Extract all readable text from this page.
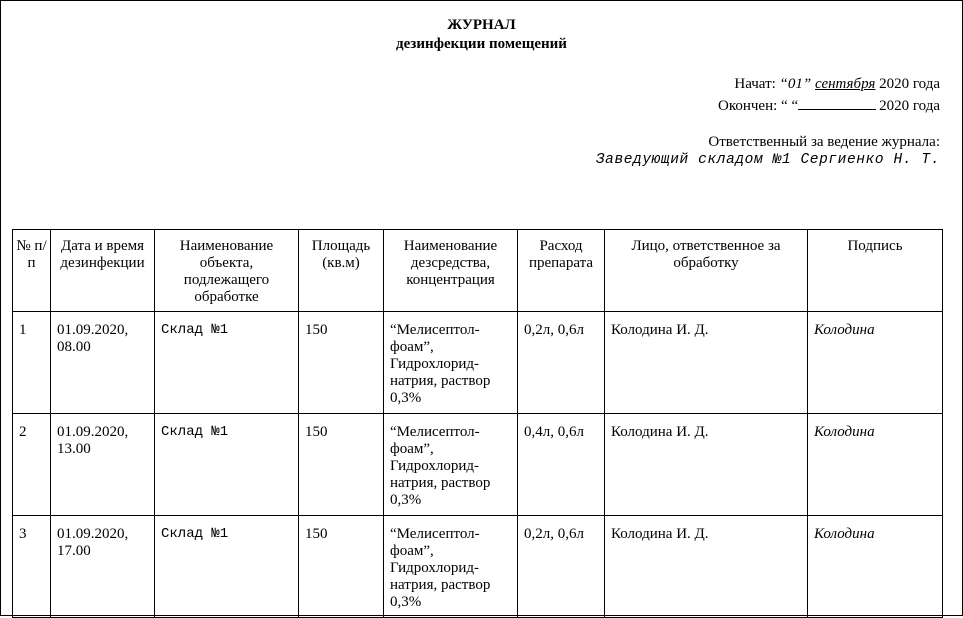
ЖУРНАЛ
дезинфекции помещений
Начат: “01” сентября 2020 года
Окончен: “ “	2020 года
Ответственный за ведение журнала:
Заведующий складом №1 Сергиенко Н. Т.
№ п/п	Дата и время дезинфекции	Наименование объекта, подлежащего обработке	Площадь (кв.м)	Наименование дезсредства, концентрация	Расход препарата	Лицо, ответственное за обработку	Подпись
1	01.09.2020, 08.00	Склад №1	150	“Мелисептол-фоам”, Гидрохлорид-натрия, раствор 0,3%	0,2л, 0,6л	Колодина И. Д.	Колодина
2	01.09.2020, 13.00	Склад №1	150	“Мелисептол-фоам”, Гидрохлорид-натрия, раствор 0,3%	0,4л, 0,6л	Колодина И. Д.	Колодина
3	01.09.2020, 17.00	Склад №1	150	“Мелисептол-фоам”, Гидрохлорид-натрия, раствор 0,3%	0,2л, 0,6л	Колодина И. Д.	Колодина
